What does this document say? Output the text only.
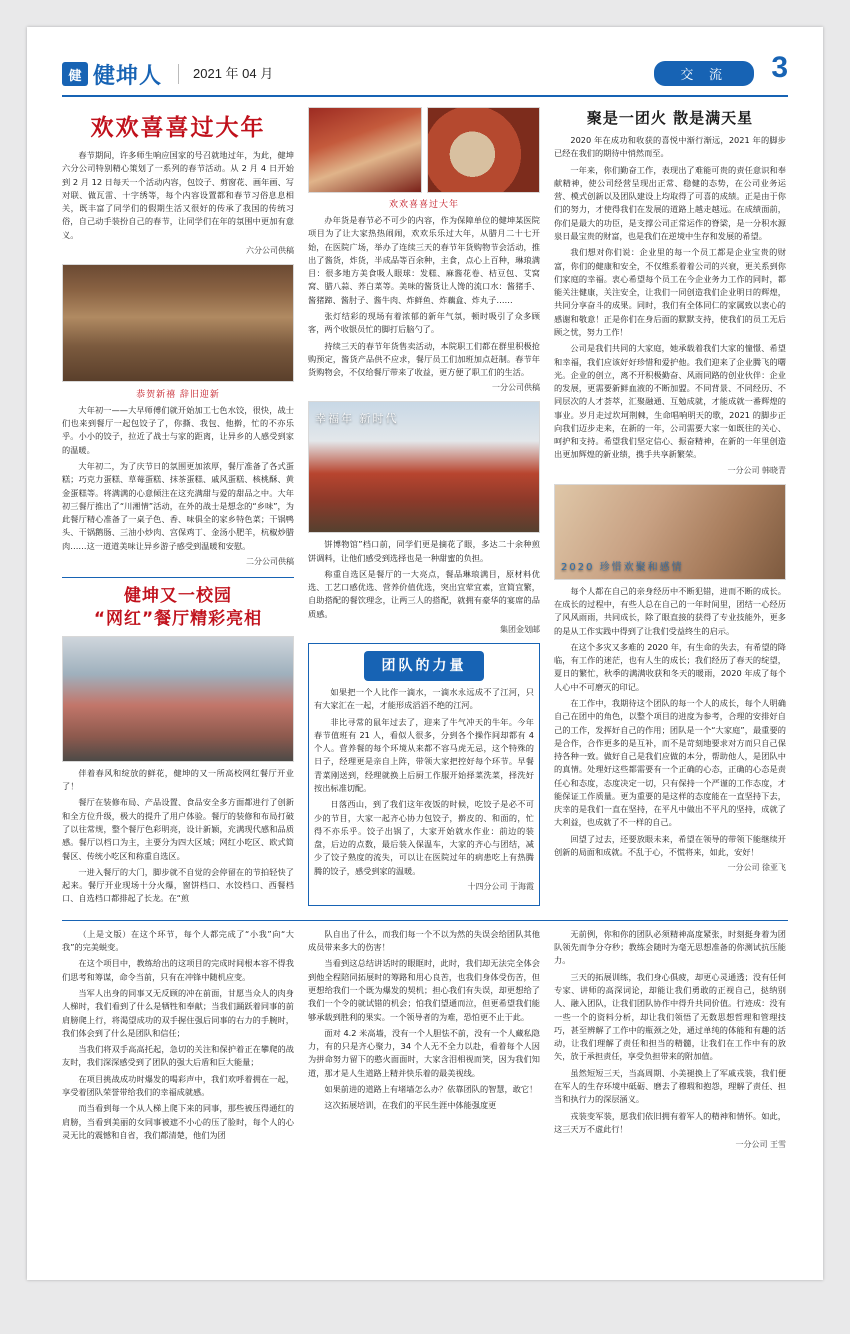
健 健坤人	2021 年 04 月	交 流	3
欢欢喜喜过大年

春节期间，许多师生响应国家的号召就地过年，为此，健坤六分公司特别精心策划了一系列的春节活动。从 2 月 4 日开始到 2 月 12 日每天一个活动内容，包饺子、剪窗花、画年画、写对联、做瓦雷、十字绣等，每个内容设置都和春节习俗息息相关，既丰富了同学们的假期生活又很好的传承了我国的传统习俗，自己动手装扮自己的春节，让同学们在年的氛围中更加有意义。

六分公司供稿

恭贺新禧 辞旧迎新

大年初一——大早师傅们就开始加工七色水饺，很快，战士们也来到餐厅一起包饺子了，你撕、我包、他擀，忙的不亦乐乎。小小的饺子，拉近了战士与家的距离，让异乡的人感受到家的温暖。

大年初二，为了庆节日的氛围更加浓厚，餐厅准备了各式蛋糕；巧克力蛋糕、草莓蛋糕、抹茶蛋糕、戚风蛋糕、核桃酥、黄金蛋糕等。将满满的心意倾注在这充满甜与爱的甜品之中。大年初三餐厅推出了“川湘情”活动，在外的战士是想念的“乡味”，为此餐厅精心准备了一桌子色、香、味俱全的家乡特色菜；干锅鸭头、干锅鹅肠、三油小炒肉、宫保鸡丁、金汤小肥羊，杭椒炒腊肉……这一道道美味让异乡游子感受到温暖和安慰。

二分公司供稿

健坤又一校园
“网红”餐厅精彩亮相

伴着春风和绽放的鲜花，健坤的又一所高校网红餐厅开业了！

餐厅在装修布局、产品设置、食品安全多方面都进行了创新和全方位升级，极大的提升了用户体验。餐厅的装修和布局打破了以往常规，整个餐厅色彩明亮，设计新颖，充满现代感和品质感。餐厅以档口为主，主要分为四大区域；网红小吃区、欧式简餐区、传统小吃区和称重自选区。

一进入餐厅的大门，脚步就不自觉的会停留在的节拍轻快了起来。餐厅开业现场十分火爆，窗饼档口、水饺档口、西餐档口、自选档口都排起了长龙。在“煎

欢欢喜喜过大年

办年货是春节必不可少的内容，作为保障单位的健坤某医院项目为了让大家热热闹闹，欢欢乐乐过大年，从腊月二十七开始，在医院广场，举办了连续三天的春节年货购物节会活动，推出了酱货，炸货，半成品等百余种，主食，点心上百种，琳琅满目：很多地方美食吸人眼球：发糕、麻酱花卷、桔豆包、艾窝窝、腊八蒜、荞白菜等。美味的酱货让人馋的流口水：酱猪手、酱猪蹄、酱肘子、酱牛肉、炸鲜鱼、炸藕盒、炸丸子……

张灯结彩的现场有着浓郁的新年气氛，顿时吸引了众多顾客，两个收银员忙的脚打后脑勺了。

持续三天的春节年货售卖活动，本院职工们都在群里积极抢购预定，酱货产品供不应求，餐厅员工们加班加点赶制。春节年货购物会，不仅给餐厅带来了收益，更方便了职工们的生活。

一分公司供稿

幸福年 新时代

饼博物馆”档口前，同学们更是摘花了眼，多达二十余种煎饼调料，让他们感受到选择也是一种甜蜜的负担。

称重自选区是餐厅的一大亮点，餐品琳琅满目，原材料优选、工艺口感优选、营养价值优选，突出宜荤宜素，宣简宜繁，自助搭配的餐饮理念，让两三人的搭配，就拥有豪华的宴席的品质感。

集团金划邮

团队的力量

如果把一个人比作一滴水，一滴水永远成不了江河，只有大家汇在一起，才能形成滔滔不绝的江河。

非比寻常的鼠年过去了，迎来了牛气冲天的牛年。今年春节值班有 21 人，看似人很多，分到各个操作间却都有 4 个人。营养餐的每个环境从来都不容马虎无忌，这个特殊的日子，经理更是亲自上阵，带领大家把控好每个环节。早餐青菜刚送到，经理就换上后厨工作服开始择菜洗菜，择洗好按出标准切配。

日落西山，到了我们这年夜饭的时候，吃饺子是必不可少的节目，大家一起齐心协力包饺子，擀皮的、和面的，忙得不亦乐乎。饺子出锅了，大家开始就水作业：前边的装盘，后边的点数，最后装入保温车，大家的齐心与团结，减少了饺子熟度的流失，可以让在医院过年的病患吃上有热腾腾的饺子，感受到家的温暖。

十四分公司 于海霞

聚是一团火 散是满天星

2020 年在成功和收获的喜悦中渐行渐远，2021 年的脚步已经在我们的期待中悄然而至。

一年来，你们勤奋工作，表现出了难能可贵的责任意识和奉献精神，使公司经营呈现出正常、稳健的态势，在公司业务运营、模式创新以及团队建设上均取得了可喜的成绩。正是由于你们的努力，才使得我们在发展的道路上越走越远。在成绩面前，你们是最大的功臣，是支撑公司正常运作的脊梁，是一分积水源泉日最宝贵的财富，也是我们在逆境中生存和发展的希望。

我们想对你们说：企业里的每一个员工都是企业宝贵的财富，你们的健康和安全，不仅维系着着公司的兴衰，更关系到你们家庭的幸福。衷心希望每个员工在今企业务力工作的同时，都能关注健康，关注安全，让我们一同创造我们企业明日的辉煌，共同分享奋斗的成果。同时，我们有全体同仁的家属致以衷心的感谢和敬意！正是你们在身后面的默默支持，使我们的员工无后顾之忧，努力工作！

公司是我们共同的大家庭，她承载着我们大家的憧憬、希望和幸福，我们应该好好珍惜和爱护他。我们迎来了企业腾飞的曙光。企业的创立，离不开积极勤奋、风雨同路的创业伙伴：企业的发展，更需要新鲜血液的不断加盟。不同背景、不同经历、不同层次的人才荟萃，汇聚融通、互勉成就，才能成就一番辉煌的事业。岁月走过坎坷荆棘，生命唱响明天的歌，2021 的脚步正向我们迈步走来，在新的一年，公司需要大家一如既往的关心、呵护和支持。希望我们坚定信心、振奋精神，在新的一年里创造出更加辉煌的新业绩，携手共享新繁荣。

一分公司 韩晓青

2020 珍惜欢聚和感情

每个人都在自己的亲身经历中不断犯错，进而不断的成长。在成长的过程中，有些人总在自己的一年时间里，团结一心经历了风风雨雨，共同成长，除了眼直接的获得了专业技能外，更多的是从工作实践中得到了让我们受益终生的启示。

在这个多灾又多难的 2020 年，有生命的失去，有希望的降临，有工作的迷茫，也有人生的成长；我们经历了春天的绽望，夏日的繁忙，秋季的满满收获和冬天的暖雨，2020 年成了每个人心中不可磨灭的印记。

在工作中，我期待这个团队的每一个人的成长，每个人明确自己在团中的角色，以整个项目的进度为参考，合理的安排好自己的工作，发挥好自己的作用；团队是一个“大家庭”，最重要的是合作，合作更多的是互补，而不是苛刻地要求对方而只自己保持各种一致。做好自己是我们应做的本分，帮助他人，是团队中的真情。处理好这些都需要有一个正确的心态，正确的心态是责任心和态度，态度决定一切，只有保持一个严谨的工作态度，才能保证工作质量。更为重要的是这样的态度能在一直坚持下去，庆幸的是我们一直在坚持，在平凡中做出不平凡的坚持，成就了大利益，也成就了不一样的自己。

回望了过去，还要放眼未来，希望在领导的带领下能继续开创新的局面和成就。不乱于心，不慌将来，如此，安好！

一分公司 徐亚飞

（上是文版）在这个环节，每个人都完成了“小我”向“大我”的完美蜕变。

在这个项目中，教练给出的这项目的完成时间根本容不得我们思考和筹谋，命令当前，只有在冲锋中随机应变。

当军人出身的同事又无反顾的冲在前面，甘愿当众人的肉身人梯时，我们看到了什么是牺牲和奉献；当我们踊跃着同事的前肩膀爬上行，将渴望成功的双手握住强后同事的右力的手腕时，我们体会到了什么是团队和信任；

当我们将双手高高托起，急切的关注和保护着正在攀爬的战友时，我们深深感受到了团队的强大后盾和巨大能量；

在项目挑战成功时爆发的喝彩声中，我们欢呼着拥在一起，享受着团队荣誉带给我们的幸福成就感。

而当看到每一个从人梯上爬下来的同事，那些被压得通红的肩膀，当看到美丽的女同事被遮不小心的压了脸时，每个人的心灵无比的震憾和自省，我们都清楚，他们为团

队自出了什么，而我们每一个不以为然的失误会给团队其他成员带来多大的伤害！

当看到这总结讲话时的眼眶时，此时，我们却无法完全体会到他全程陪同拓展时的筹路和用心良苦，也我们身体受伤苦，但更想给我们一个既为爆发的契机；担心我们有失误，却更想给了我们一个令的就试错的机会；怕我们望通而泣，但更希望我们能够承载到胜利的果实。一个领导者的为难，恐怕更不止于此。

面对 4.2 米高墙，没有一个人胆怯不前，没有一个人藏私隐力，有的只是齐心聚力，34 个人无不全力以赴，看着每个人因为拼命努力留下的憨火面面时，大家含泪相视而笑，因为我们知道，那才是人生道路上精并快乐着的最美视线。

如果前进的道路上有堵墙怎么办？依靠团队的智慧，敢它！

这次拓展培训，在我们的平民生涯中体能强度更

无前例，你和你的团队必须精神高度紧张，时刻挺身着为团队领先而争分夺秒；教练会随时为毫无思想准备的你测试抗压能力。

三天的拓展训练，我们身心俱疲，却更心灵通透；没有任何专家、讲师的高深词论，却能让我们勇敢的正视自己，挞纳别人、融入团队，让我们团队协作中得升共同价值。行迹成：没有一些一个的资料分析，却让我们领悟了无数思想哲理和管理技巧，甚至辨解了工作中的瓶颈之处，通过单纯的体能和有趣的活动，让我们理解了责任和担当的精髓，让我们在工作中有的放矢，放于承担责任，享受负担带来的附加值。

虽然短短三天，当高周期、小美褪换上了军戚戎装，我们便在军人的生存环境中砥砺、磨去了穆瑕和抱怨，理解了责任、担当和执行力的深层涵义。

戎装变军装，愿我们依旧拥有着军人的精神和情怀。如此，这三天万不虚此行！

一分公司 王雪
